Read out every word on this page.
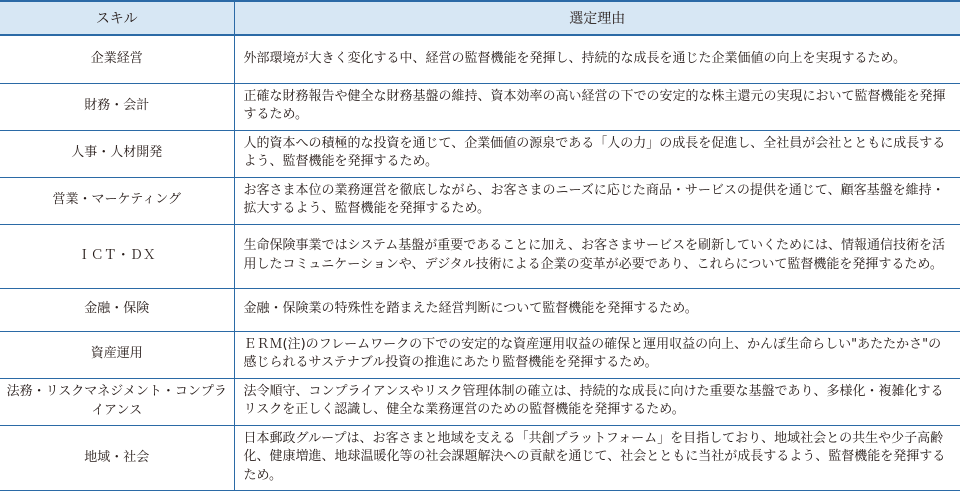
スキル	選定理由
企業経営	外部環境が大きく変化する中、経営の監督機能を発揮し、持続的な成長を通じた企業価値の向上を実現するため。
財務・会計	正確な財務報告や健全な財務基盤の維持、資本効率の高い経営の下での安定的な株主還元の実現において監督機能を発揮するため。
人事・人材開発	人的資本への積極的な投資を通じて、企業価値の源泉である「人の力」の成長を促進し、全社員が会社とともに成長するよう、監督機能を発揮するため。
営業・マーケティング	お客さま本位の業務運営を徹底しながら、お客さまのニーズに応じた商品・サービスの提供を通じて、顧客基盤を維持・拡大するよう、監督機能を発揮するため。
ＩＣＴ・ＤＸ	生命保険事業ではシステム基盤が重要であることに加え、お客さまサービスを刷新していくためには、情報通信技術を活用したコミュニケーションや、デジタル技術による企業の変革が必要であり、これらについて監督機能を発揮するため。
金融・保険	金融・保険業の特殊性を踏まえた経営判断について監督機能を発揮するため。
資産運用	ＥＲＭ(注)のフレームワークの下での安定的な資産運用収益の確保と運用収益の向上、かんぽ生命らしい"あたたかさ"の感じられるサステナブル投資の推進にあたり監督機能を発揮するため。
法務・リスクマネジメント・コンプライアンス	法令順守、コンプライアンスやリスク管理体制の確立は、持続的な成長に向けた重要な基盤であり、多様化・複雑化するリスクを正しく認識し、健全な業務運営のための監督機能を発揮するため。
地域・社会	日本郵政グループは、お客さまと地域を支える「共創プラットフォーム」を目指しており、地域社会との共生や少子高齢化、健康増進、地球温暖化等の社会課題解決への貢献を通じて、社会とともに当社が成長するよう、監督機能を発揮するため。
